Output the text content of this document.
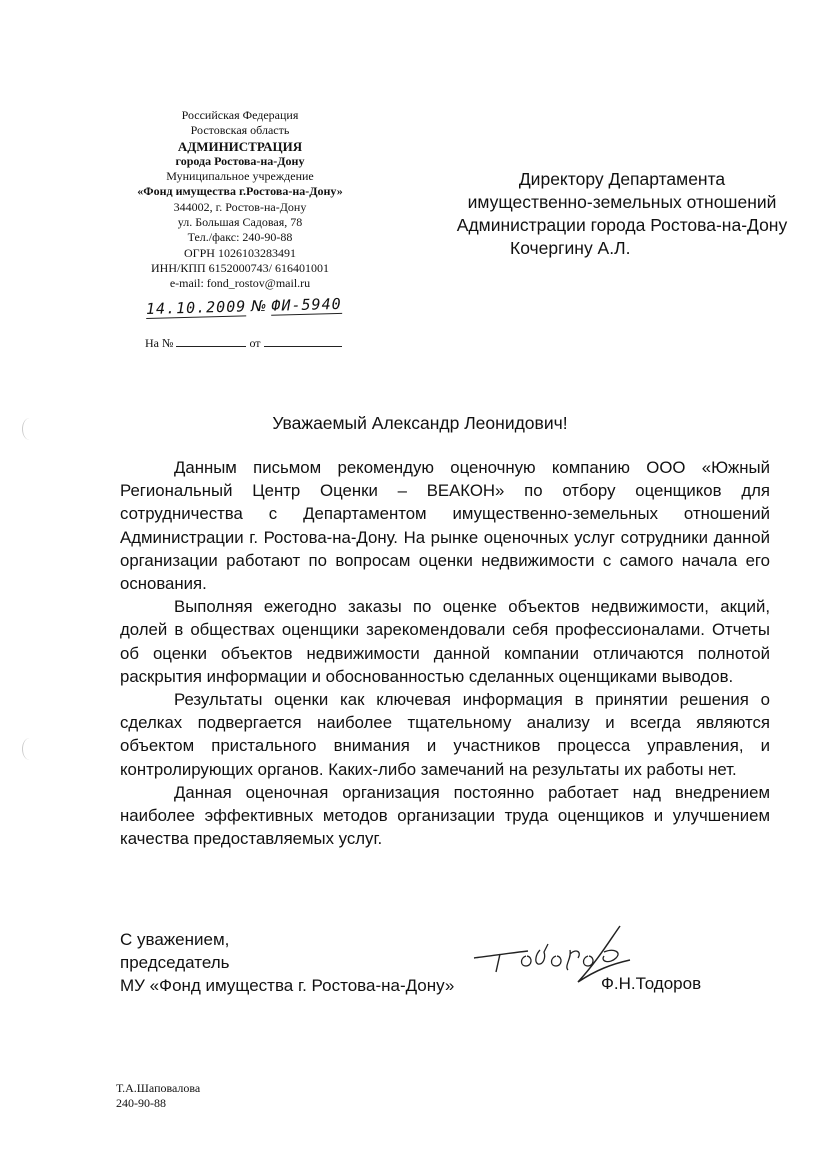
Российская Федерация
Ростовская область
АДМИНИСТРАЦИЯ
города Ростова-на-Дону
Муниципальное учреждение
«Фонд имущества г.Ростова-на-Дону»
344002, г. Ростов-на-Дону
ул. Большая Садовая, 78
Тел./факс: 240-90-88
ОГРН 1026103283491
ИНН/КПП 6152000743/ 616401001
e-mail: fond_rostov@mail.ru
14.10.2009 № ФИ-5940
На №	от
Директору Департамента
имущественно-земельных отношений
Администрации города Ростова-на-Дону
Кочергину А.Л.
Уважаемый Александр Леонидович!

Данным письмом рекомендую оценочную компанию ООО «Южный Региональный Центр Оценки – ВЕАКОН» по отбору оценщиков для сотрудничества с Департаментом имущественно-земельных отношений Администрации г. Ростова-на-Дону. На рынке оценочных услуг сотрудники данной организации работают по вопросам оценки недвижимости с самого начала его основания.

Выполняя ежегодно заказы по оценке объектов недвижимости, акций, долей в обществах оценщики зарекомендовали себя профессионалами. Отчеты об оценки объектов недвижимости данной компании отличаются полнотой раскрытия информации и обоснованностью сделанных оценщиками выводов.

Результаты оценки как ключевая информация в принятии решения о сделках подвергается наиболее тщательному анализу и всегда являются объектом пристального внимания и участников процесса управления, и контролирующих органов. Каких-либо замечаний на результаты их работы нет.

Данная оценочная организация постоянно работает над внедрением наиболее эффективных методов организации труда оценщиков и улучшением качества предоставляемых услуг.

С уважением,
председатель
МУ «Фонд имущества г. Ростова-на-Дону»	Ф.Н.Тодоров
Т.А.Шаповалова
240-90-88
